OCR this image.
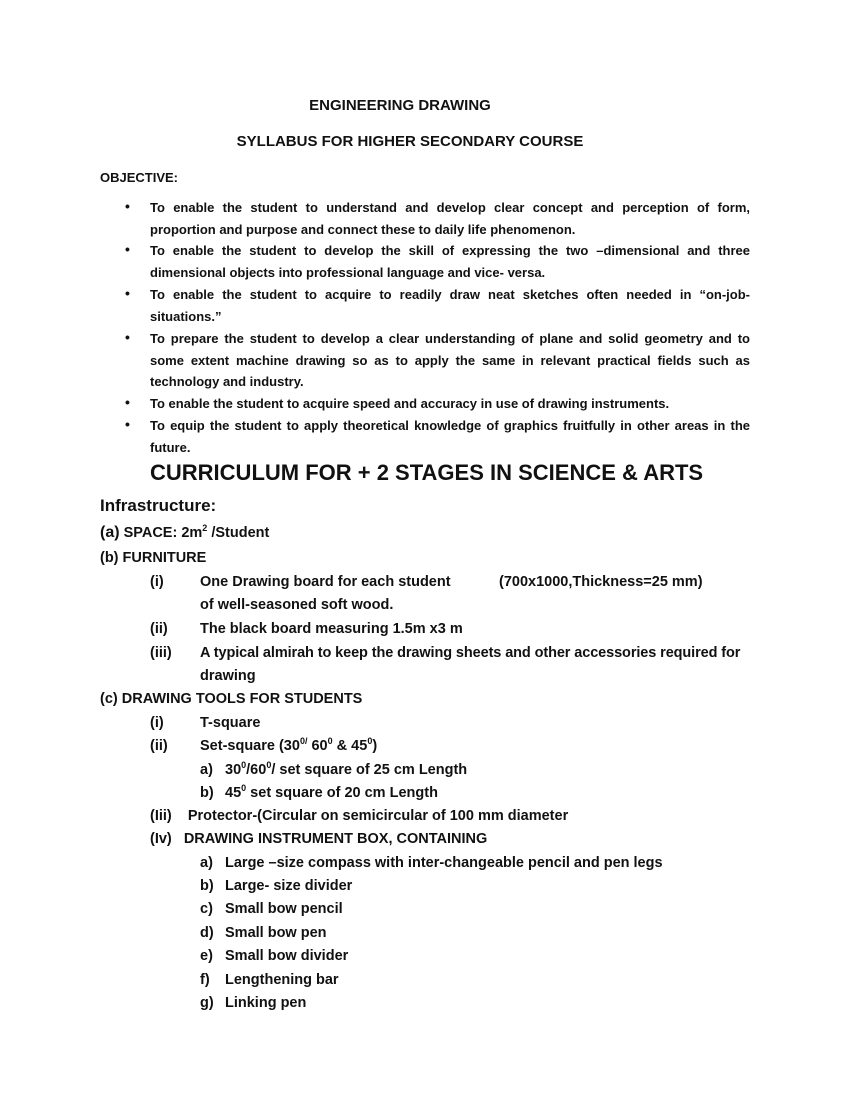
ENGINEERING DRAWING
SYLLABUS FOR HIGHER SECONDARY COURSE
OBJECTIVE:
• To enable the student to understand and develop clear concept and perception of form, proportion and purpose and connect these to daily life phenomenon.
• To enable the student to develop the skill of expressing the two –dimensional and three dimensional objects into professional language and vice- versa.
• To enable the student to acquire to readily draw neat sketches often needed in “on-job-situations.”
• To prepare the student to develop a clear understanding of plane and solid geometry and to some extent machine drawing so as to apply the same in relevant practical fields such as technology and industry.
• To enable the student to acquire speed and accuracy in use of drawing instruments.
• To equip the student to apply theoretical knowledge of graphics fruitfully in other areas in the future.
CURRICULUM FOR + 2 STAGES IN SCIENCE & ARTS
Infrastructure:
(a) SPACE: $2m^2$ /Student
(b) FURNITURE
(i)	One Drawing board for each student	(700x1000,Thickness=25 mm)
of well-seasoned soft wood.
(ii) The black board measuring 1.5m x3 m
(iii) A typical almirah to keep the drawing sheets and other accessories required for
drawing
(c) DRAWING TOOLS FOR STUDENTS
(i)	T-square
(ii) Set-square ($30^{0/}$ $60^0$ & $45^0$)
a) $30^0/60^0/$ set square of 25 cm Length
b) $45^0$ set square of 20 cm Length
(Iii)    Protector-(Circular on semicircular of 100 mm diameter
(Iv)   DRAWING INSTRUMENT BOX, CONTAINING
a) Large –size compass with inter-changeable pencil and pen legs
b) Large- size divider
c) Small bow pencil
d) Small bow pen
e) Small bow divider
f) Lengthening bar
g) Linking pen
